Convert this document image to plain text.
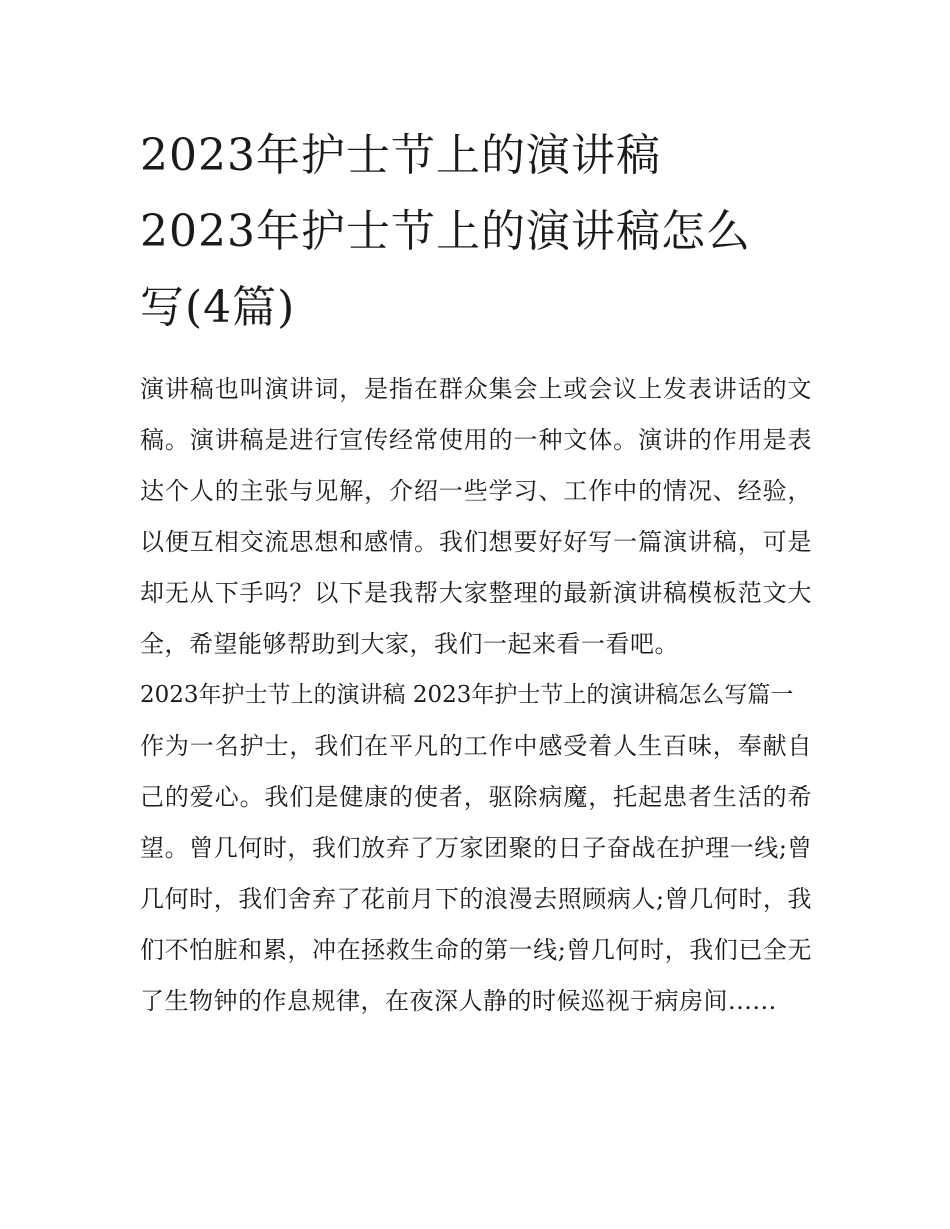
2023年护士节上的演讲稿
2023年护士节上的演讲稿怎么
写(4篇)

演讲稿也叫演讲词，是指在群众集会上或会议上发表讲话的文稿。演讲稿是进行宣传经常使用的一种文体。演讲的作用是表达个人的主张与见解，介绍一些学习、工作中的情况、经验，以便互相交流思想和感情。我们想要好好写一篇演讲稿，可是却无从下手吗？以下是我帮大家整理的最新演讲稿模板范文大全，希望能够帮助到大家，我们一起来看一看吧。

2023年护士节上的演讲稿 2023年护士节上的演讲稿怎么写篇一

作为一名护士，我们在平凡的工作中感受着人生百味，奉献自己的爱心。我们是健康的使者，驱除病魔，托起患者生活的希望。曾几何时，我们放弃了万家团聚的日子奋战在护理一线;曾几何时，我们舍弃了花前月下的浪漫去照顾病人;曾几何时，我们不怕脏和累，冲在拯救生命的第一线;曾几何时，我们已全无了生物钟的作息规律，在夜深人静的时候巡视于病房间......
